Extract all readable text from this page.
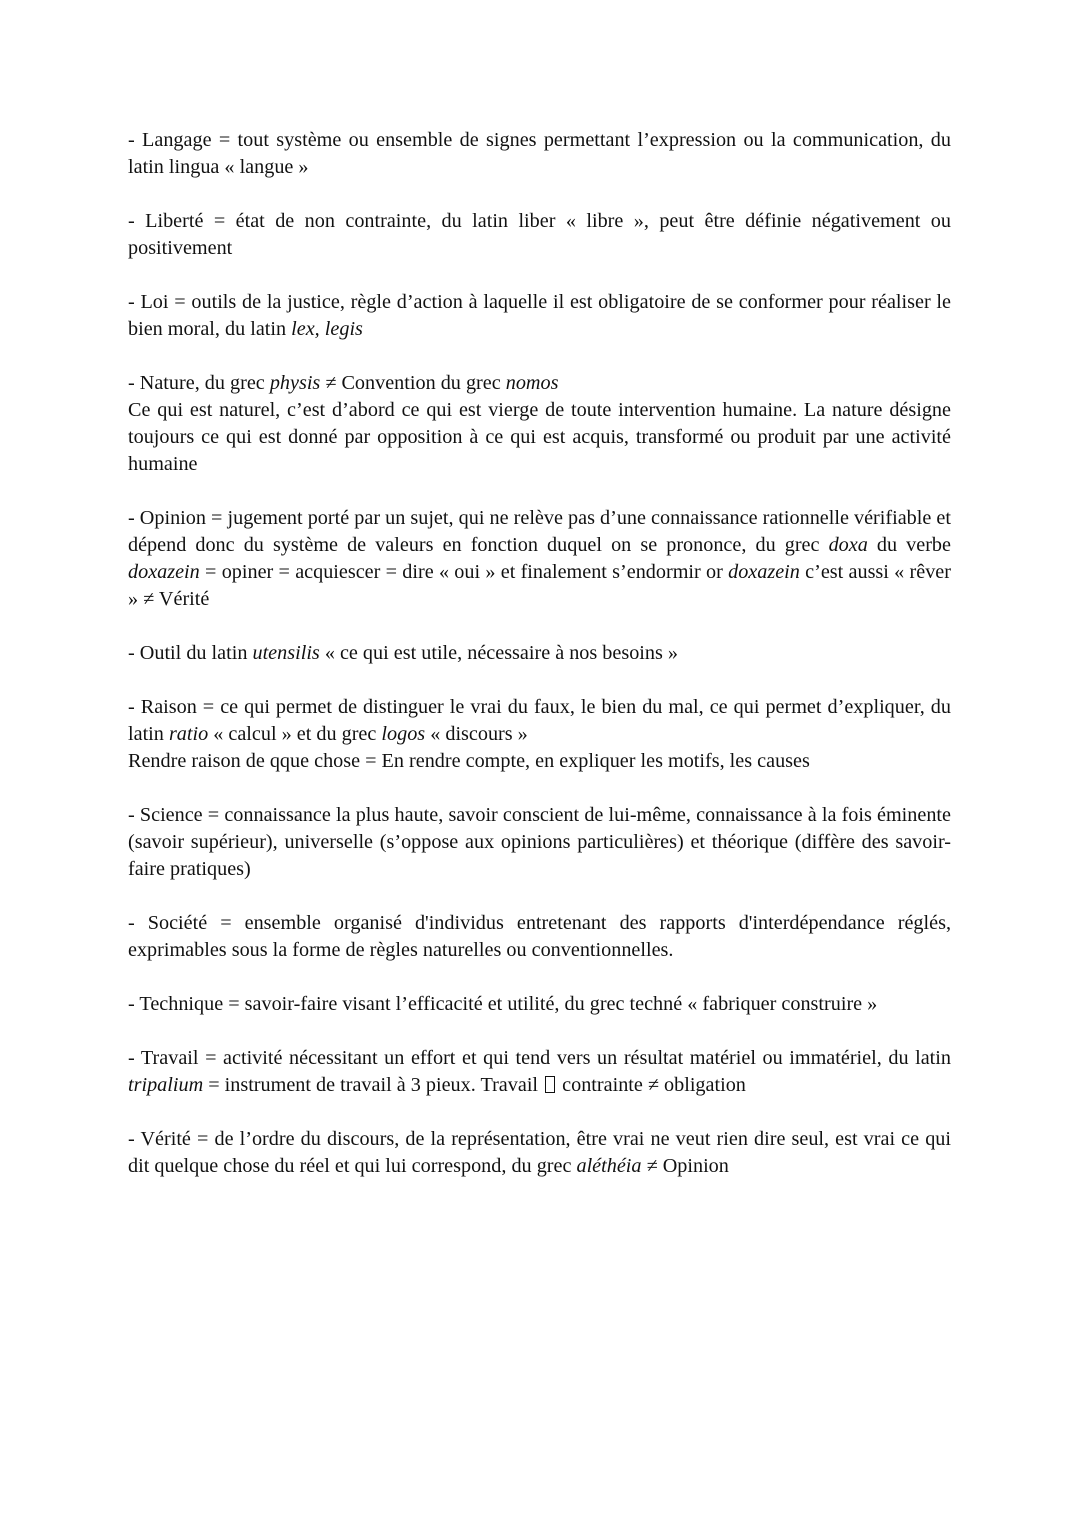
- Langage = tout système ou ensemble de signes permettant l’expression ou la communication, du latin lingua « langue »

- Liberté = état de non contrainte, du latin liber « libre », peut être définie négativement ou positivement

- Loi = outils de la justice, règle d’action à laquelle il est obligatoire de se conformer pour réaliser le bien moral, du latin lex, legis

- Nature, du grec physis ≠ Convention du grec nomos

Ce qui est naturel, c’est d’abord ce qui est vierge de toute intervention humaine. La nature désigne toujours ce qui est donné par opposition à ce qui est acquis, transformé ou produit par une activité humaine

- Opinion = jugement porté par un sujet, qui ne relève pas d’une connaissance rationnelle vérifiable et dépend donc du système de valeurs en fonction duquel on se prononce, du grec doxa du verbe doxazein = opiner = acquiescer = dire « oui » et finalement s’endormir or doxazein c’est aussi « rêver » ≠ Vérité

- Outil du latin utensilis « ce qui est utile, nécessaire à nos besoins »

- Raison = ce qui permet de distinguer le vrai du faux, le bien du mal, ce qui permet d’expliquer, du latin ratio « calcul » et du grec logos « discours »

Rendre raison de qque chose = En rendre compte, en expliquer les motifs, les causes

- Science = connaissance la plus haute, savoir conscient de lui-même, connaissance à la fois éminente (savoir supérieur), universelle (s’oppose aux opinions particulières) et théorique (diffère des savoir-faire pratiques)

- Société = ensemble organisé d'individus entretenant des rapports d'interdépendance réglés, exprimables sous la forme de règles naturelles ou conventionnelles.

- Technique = savoir-faire visant l’efficacité et utilité, du grec techné « fabriquer construire »

- Travail = activité nécessitant un effort et qui tend vers un résultat matériel ou immatériel, du latin tripalium = instrument de travail à 3 pieux. Travail  contrainte ≠ obligation

- Vérité = de l’ordre du discours, de la représentation, être vrai ne veut rien dire seul, est vrai ce qui dit quelque chose du réel et qui lui correspond, du grec aléthéia ≠ Opinion
